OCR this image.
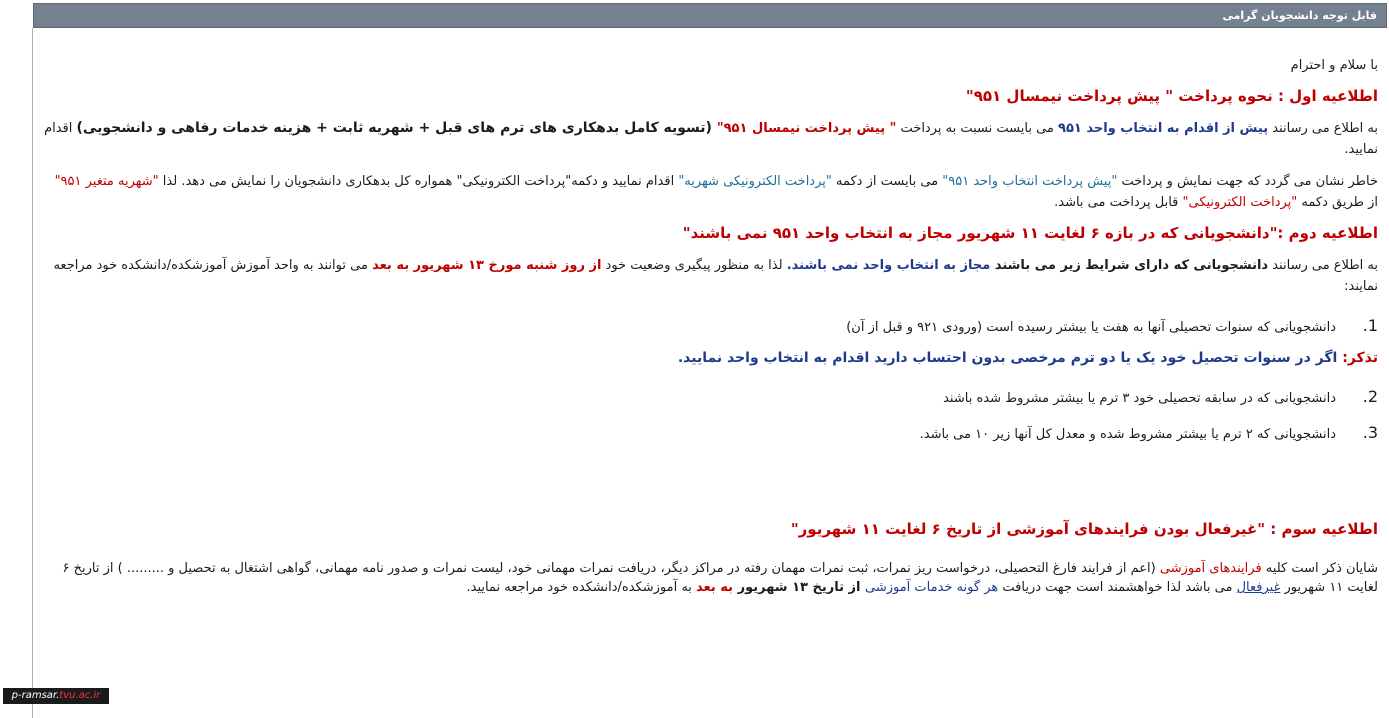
قابل توجه دانشجویان گرامی
با سلام و احترام
اطلاعیه اول : نحوه پرداخت " پیش پرداخت نیمسال ۹۵۱"
به اطلاع می رسانند پیش از اقدام به انتخاب واحد ۹۵۱ می بایست نسبت به پرداخت " پیش پرداخت نیمسال ۹۵۱" (تسویه کامل بدهکاری های ترم های قبل + شهریه ثابت + هزینه خدمات رفاهی و دانشجویی) اقدام نمایید.
خاطر نشان می گردد که جهت نمایش و پرداخت "پیش پرداخت انتخاب واحد ۹۵۱" می بایست از دکمه "پرداخت الکترونیکی شهریه" اقدام نمایید و دکمه"پرداخت الکترونیکی" همواره کل بدهکاری دانشجویان را نمایش می دهد. لذا "شهریه متغیر ۹۵۱" از طریق دکمه "پرداخت الکترونیکی" قابل پرداخت می باشد.
اطلاعیه دوم :"دانشجویانی که در بازه ۶ لغایت ۱۱ شهریور مجاز به انتخاب واحد ۹۵۱ نمی باشند"
به اطلاع می رسانند دانشجویانی که دارای شرایط زیر می باشند مجاز به انتخاب واحد نمی باشند. لذا به منظور پیگیری وضعیت خود از روز شنبه مورخ ۱۳ شهریور به بعد می توانند به واحد آموزش آموزشکده/دانشکده خود مراجعه نمایند:
1.
دانشجویانی که سنوات تحصیلی آنها به هفت یا بیشتر رسیده است (ورودی ۹۲۱ و قبل از آن)
تذکر: اگر در سنوات تحصیل خود یک یا دو ترم مرخصی بدون احتساب دارید اقدام به انتخاب واحد نمایید.
2.
دانشجویانی که در سابقه تحصیلی خود ۳ ترم یا بیشتر مشروط شده باشند
3.
دانشجویانی که ۲ ترم یا بیشتر مشروط شده و معدل کل آنها زیر ۱۰ می باشد.
اطلاعیه سوم : "غیرفعال بودن فرایندهای آموزشی از تاریخ ۶ لغایت ۱۱ شهریور"
شایان ذکر است کلیه فرایندهای آموزشی (اعم از فرایند فارغ التحصیلی، درخواست ریز نمرات، ثبت نمرات مهمان رفته در مراکز دیگر، دریافت نمرات مهمانی خود، لیست نمرات و صدور نامه مهمانی، گواهی اشتغال به تحصیل و ......... ) از تاریخ ۶ لغایت ۱۱ شهریور غیرفعال می باشد لذا خواهشمند است جهت دریافت هر گونه خدمات آموزشی از تاریخ ۱۳ شهریور به بعد به آموزشکده/دانشکده خود مراجعه نمایید.
p-ramsar.tvu.ac.ir
